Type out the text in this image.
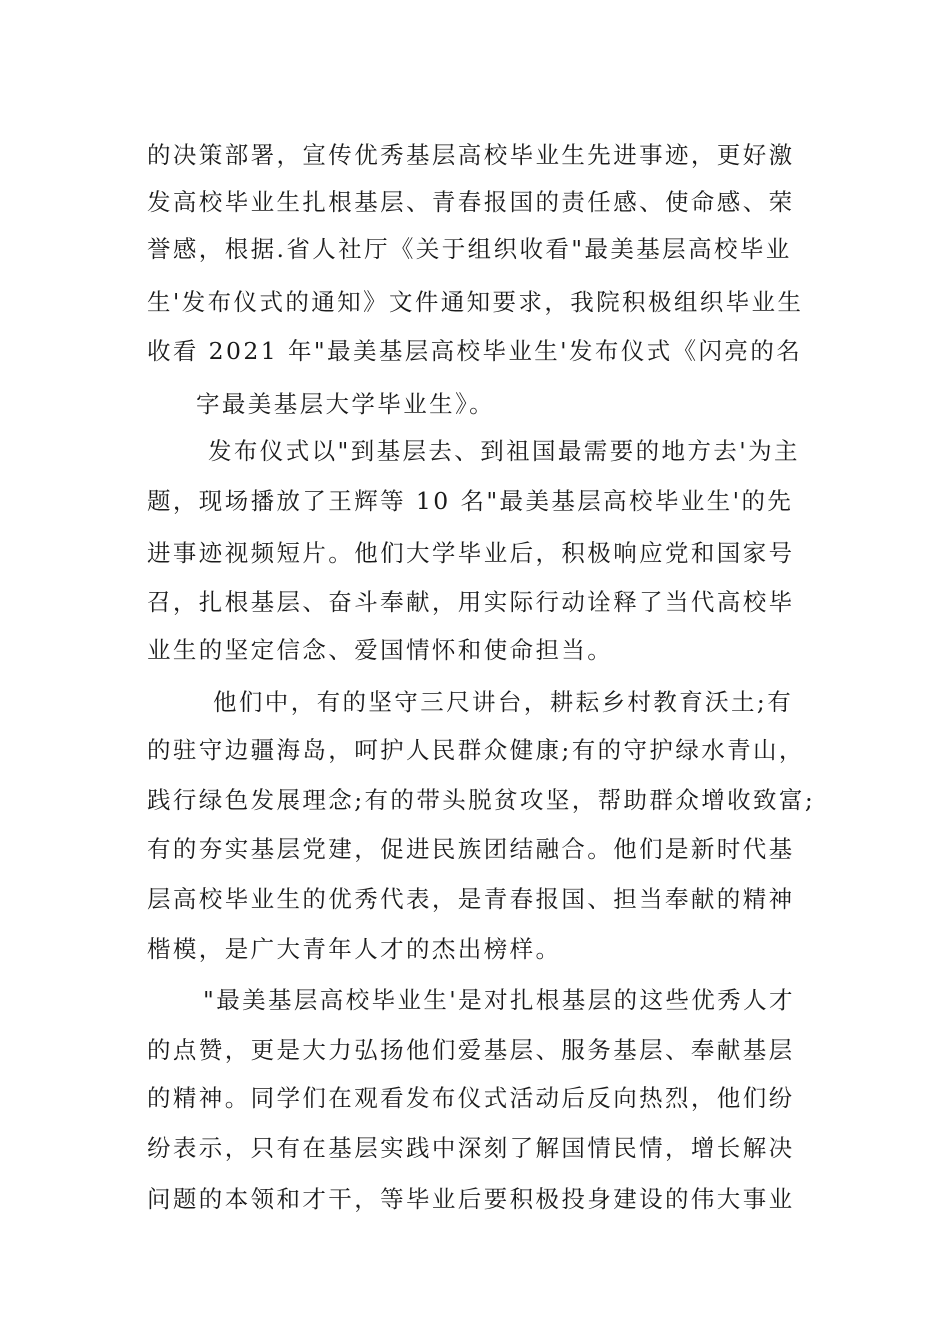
的决策部署，宣传优秀基层高校毕业生先进事迹，更好激

发高校毕业生扎根基层、青春报国的责任感、使命感、荣

誉感，根据.省人社厅《关于组织收看"最美基层高校毕业

生'发布仪式的通知》文件通知要求，我院积极组织毕业生

收看 2021 年"最美基层高校毕业生'发布仪式《闪亮的名

字最美基层大学毕业生》。

发布仪式以"到基层去、到祖国最需要的地方去'为主

题，现场播放了王辉等 10 名"最美基层高校毕业生'的先

进事迹视频短片。他们大学毕业后，积极响应党和国家号

召，扎根基层、奋斗奉献，用实际行动诠释了当代高校毕

业生的坚定信念、爱国情怀和使命担当。

他们中，有的坚守三尺讲台，耕耘乡村教育沃土;有

的驻守边疆海岛，呵护人民群众健康;有的守护绿水青山，

践行绿色发展理念;有的带头脱贫攻坚，帮助群众增收致富;

有的夯实基层党建，促进民族团结融合。他们是新时代基

层高校毕业生的优秀代表，是青春报国、担当奉献的精神

楷模，是广大青年人才的杰出榜样。

"最美基层高校毕业生'是对扎根基层的这些优秀人才

的点赞，更是大力弘扬他们爱基层、服务基层、奉献基层

的精神。同学们在观看发布仪式活动后反向热烈，他们纷

纷表示，只有在基层实践中深刻了解国情民情，增长解决

问题的本领和才干，等毕业后要积极投身建设的伟大事业
